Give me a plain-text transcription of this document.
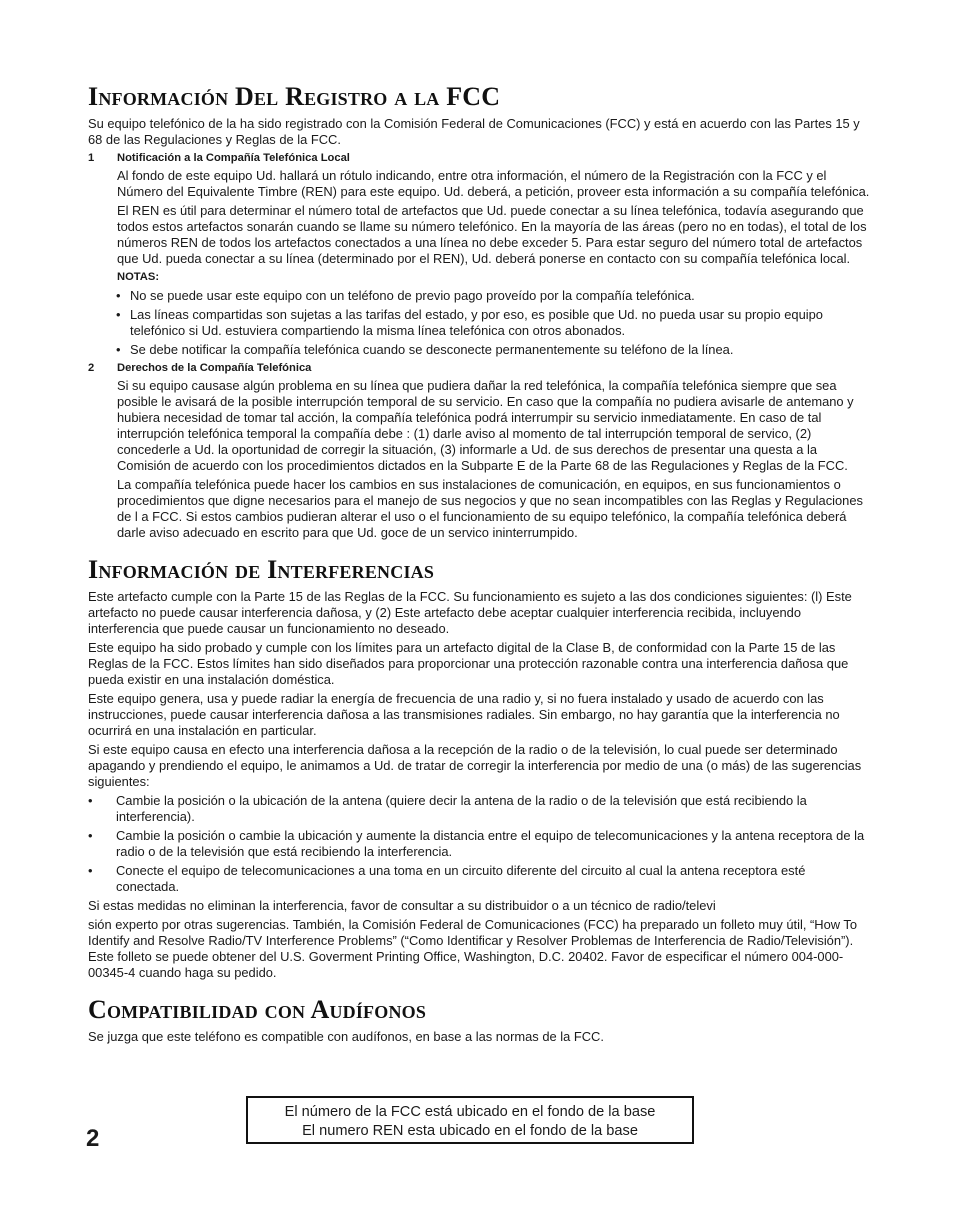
Información Del Registro a la FCC

Su equipo telefónico de la ha sido registrado con la Comisión Federal de Comunicaciones (FCC) y está en acuerdo con las Partes 15 y 68 de las Regulaciones y Reglas de la FCC.

1 Notificación a la Compañía Telefónica Local

Al fondo de este equipo Ud. hallará un rótulo indicando, entre otra información, el número de la Registración con la FCC y el Número del Equivalente Timbre (REN) para este equipo. Ud. deberá, a petición, proveer esta información a su compañía telefónica.

El REN es útil para determinar el número total de artefactos que Ud. puede conectar a su línea telefónica, todavía asegurando que todos estos artefactos sonarán cuando se llame su número telefónico. En la mayoría de las áreas (pero no en todas), el total de los números REN de todos los artefactos conectados a una línea no debe exceder 5. Para estar seguro del número total de artefactos que Ud. pueda conectar a su línea (determinado por el REN), Ud. deberá ponerse en contacto con su compañía telefónica local.

NOTAS:
• No se puede usar este equipo con un teléfono de previo pago proveído por la compañía telefónica.
• Las líneas compartidas son sujetas a las tarifas del estado, y por eso, es posible que Ud. no pueda usar su propio equipo telefónico si Ud. estuviera compartiendo la misma línea telefónica con otros abonados.
• Se debe notificar la compañía telefónica cuando se desconecte permanentemente su teléfono de la línea.
2 Derechos de la Compañía Telefónica

Si su equipo causase algún problema en su línea que pudiera dañar la red telefónica, la compañía telefónica siempre que sea posible le avisará de la posible interrupción temporal de su servicio. En caso que la compañía no pudiera avisarle de antemano y hubiera necesidad de tomar tal acción, la compañía telefónica podrá interrumpir su servicio inmediatamente. En caso de tal interrupción telefónica temporal la compañía debe : (1) darle aviso al momento de tal interrupción temporal de servico, (2) concederle a Ud. la oportunidad de corregir la situación, (3) informarle a Ud. de sus derechos de presentar una questa a la Comisión de acuerdo con los procedimientos dictados en la Subparte E de la Parte 68 de las Regulaciones y Reglas de la FCC.

La compañía telefónica puede hacer los cambios en sus instalaciones de comunicación, en equipos, en sus funcionamientos o procedimientos que digne necesarios para el manejo de sus negocios y que no sean incompatibles con las Reglas y Regulaciones de l a FCC. Si estos cambios pudieran alterar el uso o el funcionamiento de su equipo telefónico, la compañía telefónica deberá darle aviso adecuado en escrito para que Ud. goce de un servico ininterrumpido.

Información de Interferencias

Este artefacto cumple con la Parte 15 de las Reglas de la FCC. Su funcionamiento es sujeto a las dos condiciones siguientes: (l) Este artefacto no puede causar interferencia dañosa, y (2) Este artefacto debe aceptar cualquier interferencia recibida, incluyendo interferencia que puede causar un funcionamiento no deseado.

Este equipo ha sido probado y cumple con los límites para un artefacto digital de la Clase B, de conformidad con la Parte 15 de las Reglas de la FCC. Estos límites han sido diseñados para proporcionar una protección razonable contra una interferencia dañosa que pueda existir en una instalación doméstica.

Este equipo genera, usa y puede radiar la energía de frecuencia de una radio y, si no fuera instalado y usado de acuerdo con las instrucciones, puede causar interferencia dañosa a las transmisiones radiales. Sin embargo, no hay garantía que la interferencia no ocurrirá en una instalación en particular.

Si este equipo causa en efecto una interferencia dañosa a la recepción de la radio o de la televisión, lo cual puede ser determinado apagando y prendiendo el equipo, le animamos a Ud. de tratar de corregir la interferencia por medio de una (o más) de las sugerencias siguientes:

• Cambie la posición o la ubicación de la antena (quiere decir la antena de la radio o de la televisión que está recibiendo la interferencia).
• Cambie la posición o cambie la ubicación y aumente la distancia entre el equipo de telecomunicaciones y la antena receptora de la radio o de la televisión que está recibiendo la interferencia.
• Conecte el equipo de telecomunicaciones a una toma en un circuito diferente del circuito al cual la antena receptora esté conectada.

Si estas medidas no eliminan la interferencia, favor de consultar a su distribuidor o a un técnico de radio/televi

sión experto por otras sugerencias. También, la Comisión Federal de Comunicaciones (FCC) ha preparado un folleto muy útil, “How To Identify and Resolve Radio/TV Interference Problems” (“Como Identificar y Resolver Problemas de Interferencia de Radio/Televisión”). Este folleto se puede obtener del U.S. Goverment Printing Office, Washington, D.C. 20402. Favor de especificar el número 004-000-00345-4 cuando haga su pedido.

Compatibilidad con Audífonos

Se juzga que este teléfono es compatible con audífonos, en base a las normas de la FCC.

El número de la FCC está ubicado en el fondo de la base
El numero REN esta ubicado en el fondo de la base
2
